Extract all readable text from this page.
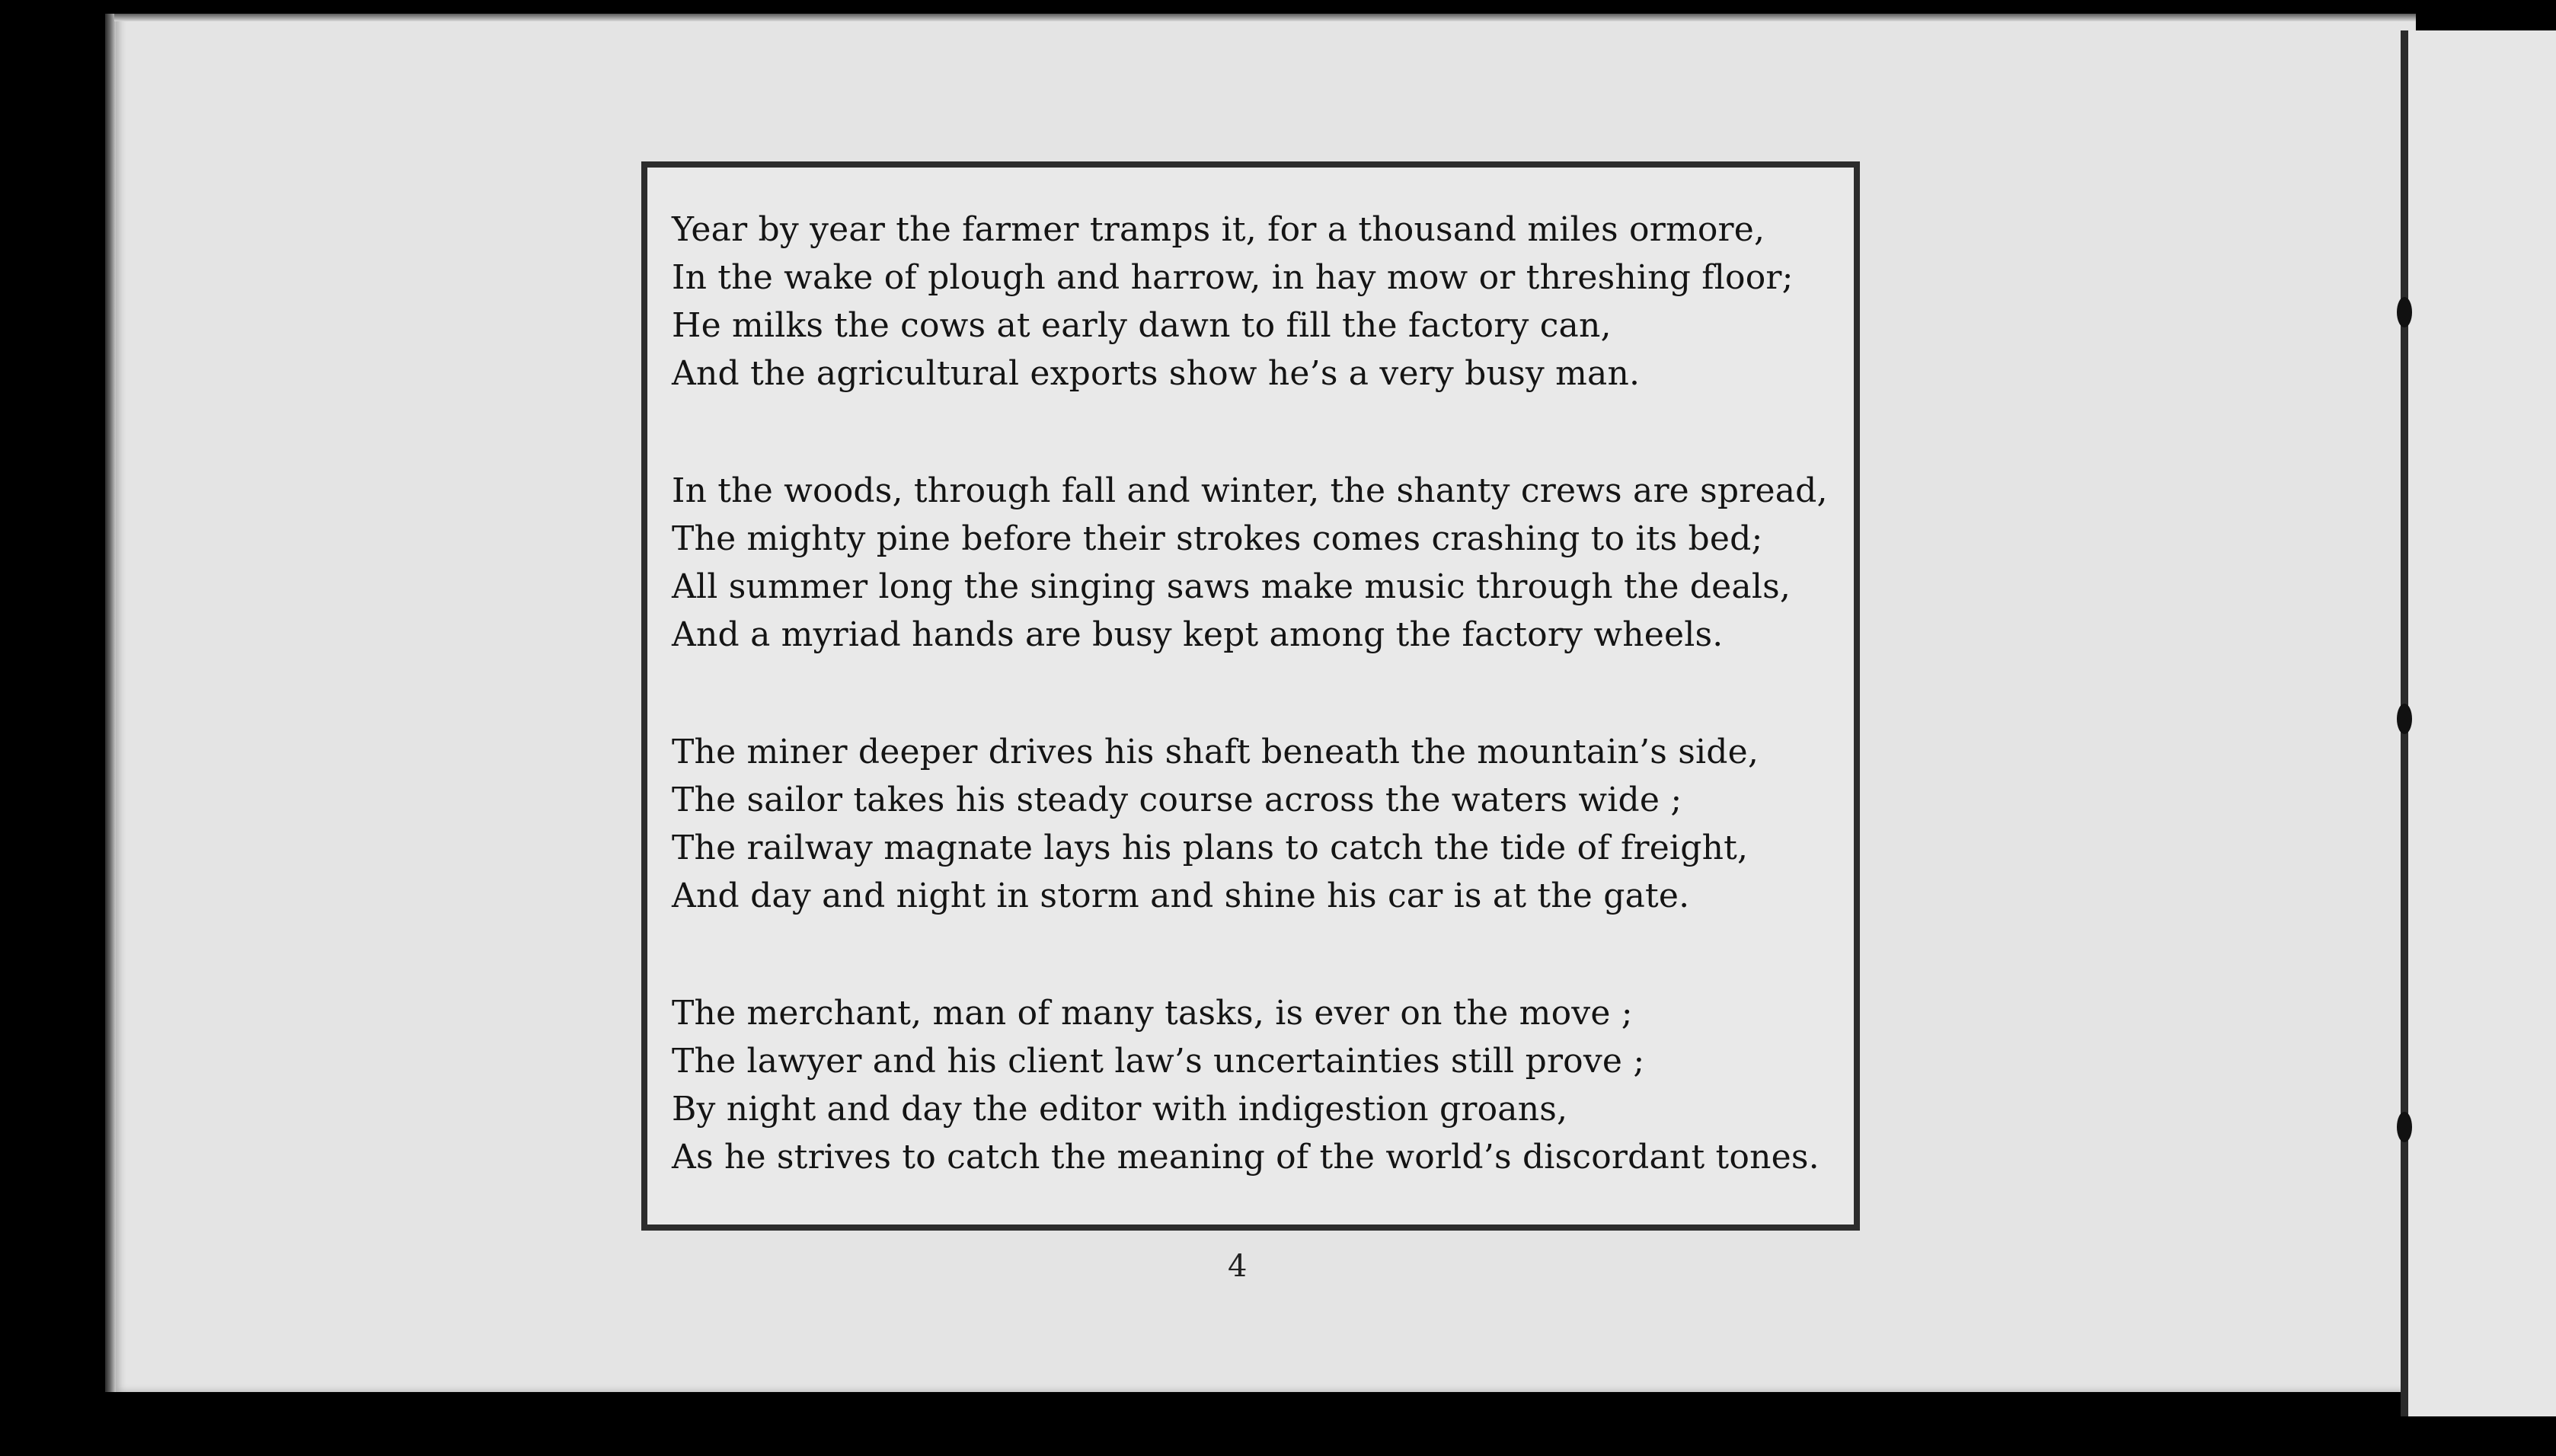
Year by year the farmer tramps it, for a thousand miles ormore,
In the wake of plough and harrow, in hay mow or threshing floor;
He milks the cows at early dawn to fill the factory can,
And the agricultural exports show he’s a very busy man.
In the woods, through fall and winter, the shanty crews are spread,
The mighty pine before their strokes comes crashing to its bed;
All summer long the singing saws make music through the deals,
And a myriad hands are busy kept among the factory wheels.
The miner deeper drives his shaft beneath the mountain’s side,
The sailor takes his steady course across the waters wide ;
The railway magnate lays his plans to catch the tide of freight,
And day and night in storm and shine his car is at the gate.
The merchant, man of many tasks, is ever on the move ;
The lawyer and his client law’s uncertainties still prove ;
By night and day the editor with indigestion groans,
As he strives to catch the meaning of the world’s discordant tones.
4
